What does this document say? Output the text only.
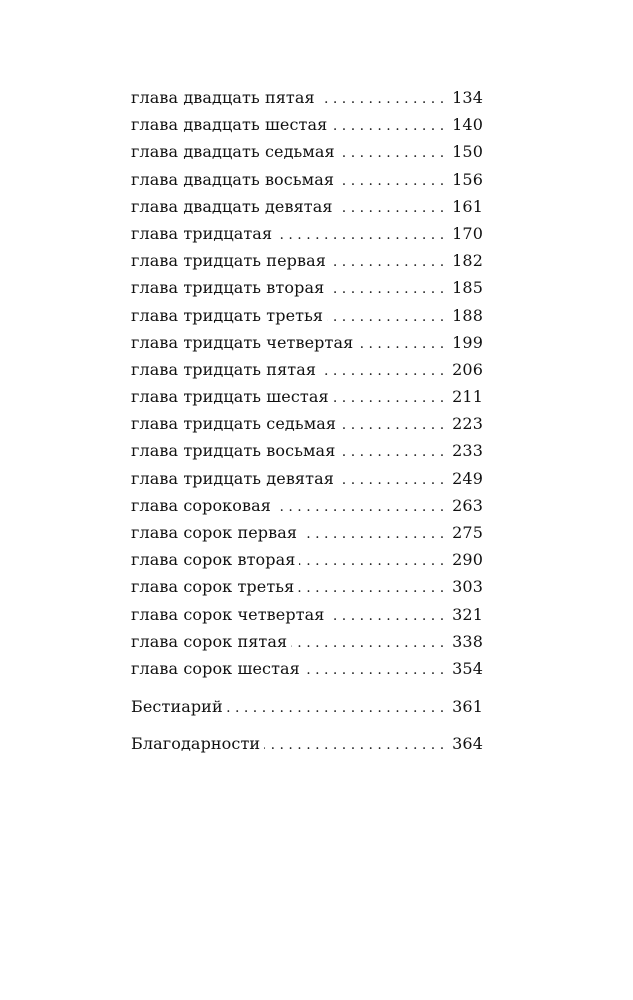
глава двадцать пятая . . .	134
глава двадцать шестая . . .	140
глава двадцать седьмая . . .	150
глава двадцать восьмая . . .	156
глава двадцать девятая . . .	161
глава тридцатая . . .	170
глава тридцать первая . . .	182
глава тридцать вторая . . .	185
глава тридцать третья . . .	188
глава тридцать четвертая . . .	199
глава тридцать пятая . . .	206
глава тридцать шестая . . .	211
глава тридцать седьмая . . .	223
глава тридцать восьмая . . .	233
глава тридцать девятая . . .	249
глава сороковая . . .	263
глава сорок первая . . .	275
глава сорок вторая . . .	290
глава сорок третья . . .	303
глава сорок четвертая . . .	321
глава сорок пятая . . .	338
глава сорок шестая . . .	354
Бестиарий . . .	361
Благодарности . . .	364
